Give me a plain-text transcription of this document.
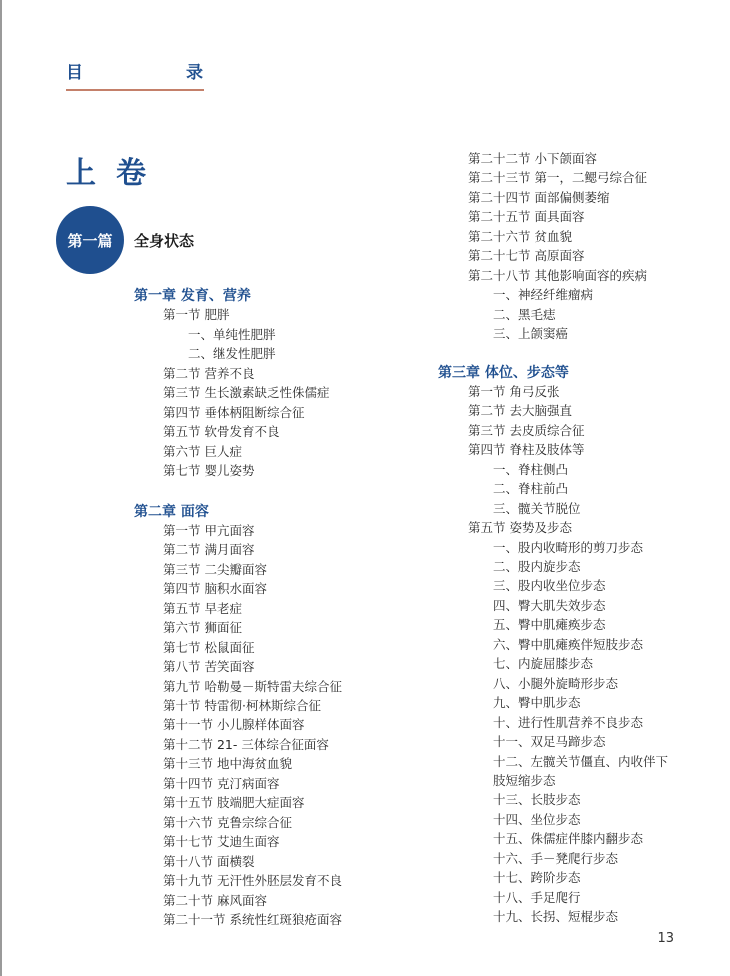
目	录
上卷
第一篇 全身状态
第一章 发育、营养
第一节 肥胖
一、单纯性肥胖
二、继发性肥胖
第二节 营养不良
第三节 生长激素缺乏性侏儒症
第四节 垂体柄阻断综合征
第五节 软骨发育不良
第六节 巨人症
第七节 婴儿姿势
第二章 面容
第一节 甲亢面容
第二节 满月面容
第三节 二尖瓣面容
第四节 脑积水面容
第五节 早老症
第六节 狮面征
第七节 松鼠面征
第八节 苦笑面容
第九节 哈勒曼－斯特雷夫综合征
第十节 特雷彻·柯林斯综合征
第十一节 小儿腺样体面容
第十二节 21- 三体综合征面容
第十三节 地中海贫血貌
第十四节 克汀病面容
第十五节 肢端肥大症面容
第十六节 克鲁宗综合征
第十七节 艾迪生面容
第十八节 面横裂
第十九节 无汗性外胚层发育不良
第二十节 麻风面容
第二十一节 系统性红斑狼疮面容
第二十二节 小下颌面容
第二十三节 第一，二鳃弓综合征
第二十四节 面部偏侧萎缩
第二十五节 面具面容
第二十六节 贫血貌
第二十七节 高原面容
第二十八节 其他影响面容的疾病
一、神经纤维瘤病
二、黑毛痣
三、上颌窦癌
第三章 体位、步态等
第一节 角弓反张
第二节 去大脑强直
第三节 去皮质综合征
第四节 脊柱及肢体等
一、脊柱侧凸
二、脊柱前凸
三、髋关节脱位
第五节 姿势及步态
一、股内收畸形的剪刀步态
二、股内旋步态
三、股内收坐位步态
四、臀大肌失效步态
五、臀中肌瘫痪步态
六、臀中肌瘫痪伴短肢步态
七、内旋屈膝步态
八、小腿外旋畸形步态
九、臀中肌步态
十、进行性肌营养不良步态
十一、双足马蹄步态
十二、左髋关节僵直、内收伴下
肢短缩步态
十三、长肢步态
十四、坐位步态
十五、侏儒症伴膝内翻步态
十六、手－凳爬行步态
十七、跨阶步态
十八、手足爬行
十九、长拐、短棍步态
13
